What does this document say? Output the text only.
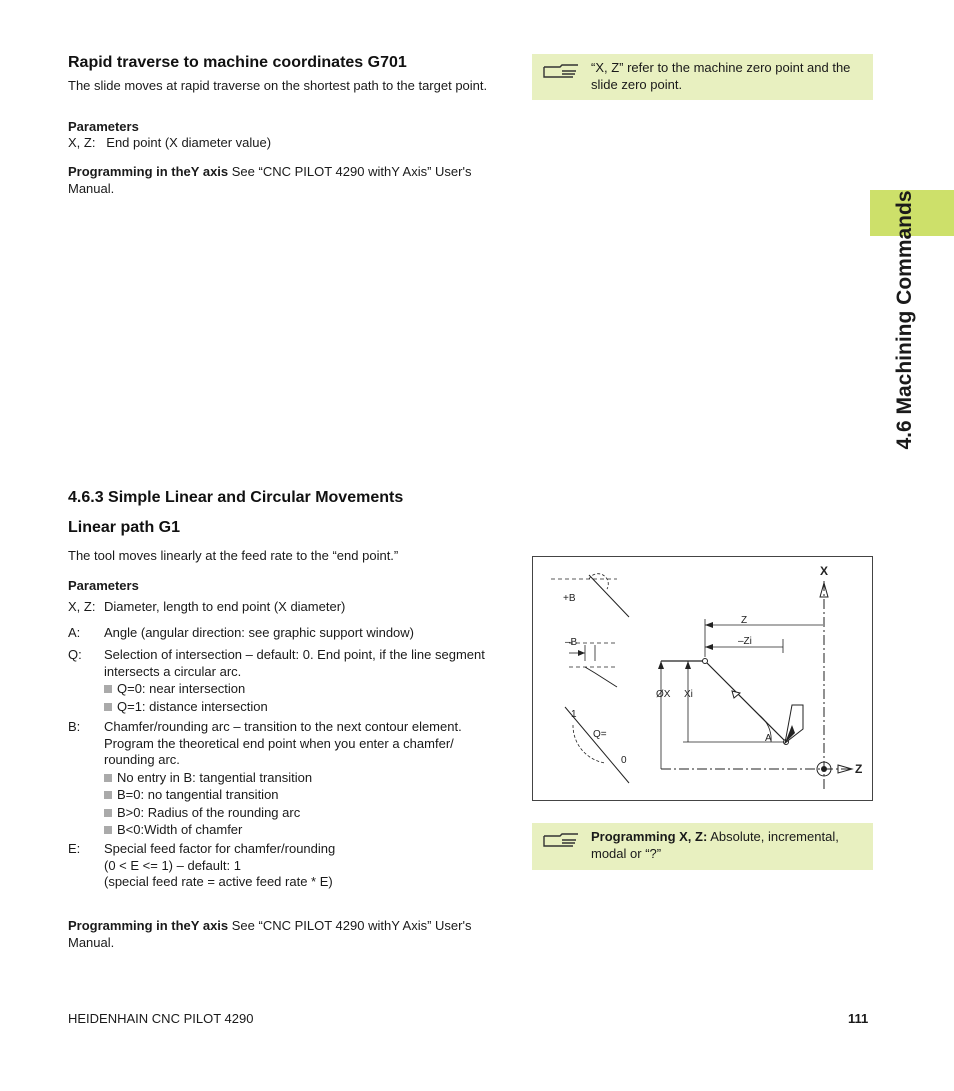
Rapid traverse to machine coordinates G701
The slide moves at rapid traverse on the shortest path to the target point.
Parameters
X, Z:   End point (X diameter value)
Programming in theY axis See “CNC PILOT 4290 withY Axis” User's Manual.
“X, Z” refer to the machine zero point and the slide zero point.
4.6 Machining Commands
4.6.3 Simple Linear and Circular Movements
Linear path G1
The tool moves linearly at the feed rate to the “end point.”
Parameters
X, Z: Diameter, length to end point (X diameter)
A: Angle (angular direction: see graphic support window)
Q: Selection of intersection – default: 0. End point, if the line segment intersects a circular arc.
Q=0: near intersection
Q=1: distance intersection
B: Chamfer/rounding arc – transition to the next contour element. Program the theoretical end point when you enter a chamfer/ rounding arc.
No entry in B: tangential transition
B=0: no tangential transition
B>0: Radius of the rounding arc
B<0:Width of chamfer
E: Special feed factor for chamfer/rounding
(0 < E <= 1) – default: 1
(special feed rate = active feed rate * E)
Programming in theY axis See “CNC PILOT 4290 withY Axis” User's Manual.
X
Z
Z
–Zi
ØX Xi
A
+B
–B
1
Q=
0
Programming X, Z: Absolute, incremental, modal or “?”
HEIDENHAIN CNC PILOT 4290	111
